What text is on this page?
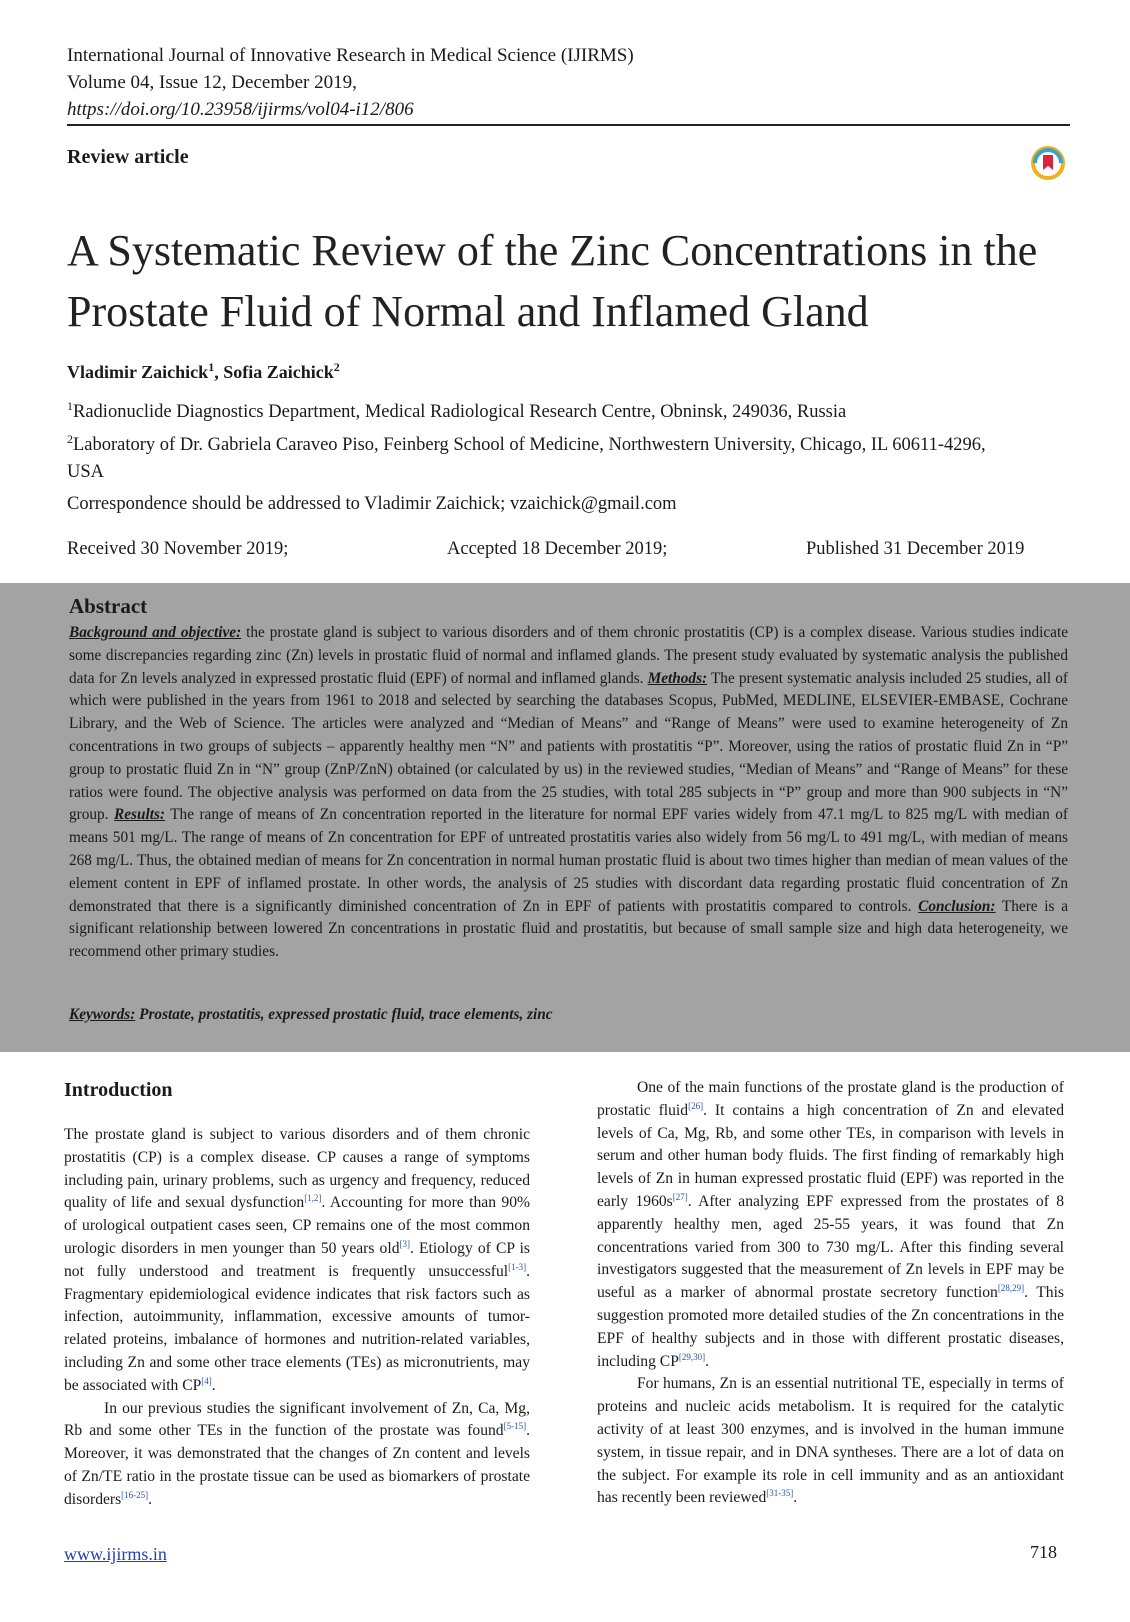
International Journal of Innovative Research in Medical Science (IJIRMS)
Volume 04, Issue 12, December 2019,
https://doi.org/10.23958/ijirms/vol04-i12/806
Review article
A Systematic Review of the Zinc Concentrations in the Prostate Fluid of Normal and Inflamed Gland
Vladimir Zaichick$^1$, Sofia Zaichick$^2$
$^1$Radionuclide Diagnostics Department, Medical Radiological Research Centre, Obninsk, 249036, Russia
$^2$Laboratory of Dr. Gabriela Caraveo Piso, Feinberg School of Medicine, Northwestern University, Chicago, IL 60611-4296, USA
Correspondence should be addressed to Vladimir Zaichick; vzaichick@gmail.com
Received 30 November 2019;	Accepted 18 December 2019;	Published 31 December 2019
Abstract
Background and objective: the prostate gland is subject to various disorders and of them chronic prostatitis (CP) is a complex disease. Various studies indicate some discrepancies regarding zinc (Zn) levels in prostatic fluid of normal and inflamed glands. The present study evaluated by systematic analysis the published data for Zn levels analyzed in expressed prostatic fluid (EPF) of normal and inflamed glands. Methods: The present systematic analysis included 25 studies, all of which were published in the years from 1961 to 2018 and selected by searching the databases Scopus, PubMed, MEDLINE, ELSEVIER-EMBASE, Cochrane Library, and the Web of Science. The articles were analyzed and “Median of Means” and “Range of Means” were used to examine heterogeneity of Zn concentrations in two groups of subjects – apparently healthy men “N” and patients with prostatitis “P”. Moreover, using the ratios of prostatic fluid Zn in “P” group to prostatic fluid Zn in “N” group (ZnP/ZnN) obtained (or calculated by us) in the reviewed studies, “Median of Means” and “Range of Means” for these ratios were found. The objective analysis was performed on data from the 25 studies, with total 285 subjects in “P” group and more than 900 subjects in “N” group. Results: The range of means of Zn concentration reported in the literature for normal EPF varies widely from 47.1 mg/L to 825 mg/L with median of means 501 mg/L. The range of means of Zn concentration for EPF of untreated prostatitis varies also widely from 56 mg/L to 491 mg/L, with median of means 268 mg/L. Thus, the obtained median of means for Zn concentration in normal human prostatic fluid is about two times higher than median of mean values of the element content in EPF of inflamed prostate. In other words, the analysis of 25 studies with discordant data regarding prostatic fluid concentration of Zn demonstrated that there is a significantly diminished concentration of Zn in EPF of patients with prostatitis compared to controls. Conclusion: There is a significant relationship between lowered Zn concentrations in prostatic fluid and prostatitis, but because of small sample size and high data heterogeneity, we recommend other primary studies.
Keywords: Prostate, prostatitis, expressed prostatic fluid, trace elements, zinc
Introduction

The prostate gland is subject to various disorders and of them chronic prostatitis (CP) is a complex disease. CP causes a range of symptoms including pain, urinary problems, such as urgency and frequency, reduced quality of life and sexual dysfunction[1,2]. Accounting for more than 90% of urological outpatient cases seen, CP remains one of the most common urologic disorders in men younger than 50 years old[3]. Etiology of CP is not fully understood and treatment is frequently unsuccessful[1-3]. Fragmentary epidemiological evidence indicates that risk factors such as infection, autoimmunity, inflammation, excessive amounts of tumor-related proteins, imbalance of hormones and nutrition-related variables, including Zn and some other trace elements (TEs) as micronutrients, may be associated with CP[4].

In our previous studies the significant involvement of Zn, Ca, Mg, Rb and some other TEs in the function of the prostate was found[5-15]. Moreover, it was demonstrated that the changes of Zn content and levels of Zn/TE ratio in the prostate tissue can be used as biomarkers of prostate disorders[16-25].

One of the main functions of the prostate gland is the production of prostatic fluid[26]. It contains a high concentration of Zn and elevated levels of Ca, Mg, Rb, and some other TEs, in comparison with levels in serum and other human body fluids. The first finding of remarkably high levels of Zn in human expressed prostatic fluid (EPF) was reported in the early 1960s[27]. After analyzing EPF expressed from the prostates of 8 apparently healthy men, aged 25-55 years, it was found that Zn concentrations varied from 300 to 730 mg/L. After this finding several investigators suggested that the measurement of Zn levels in EPF may be useful as a marker of abnormal prostate secretory function[28,29]. This suggestion promoted more detailed studies of the Zn concentrations in the EPF of healthy subjects and in those with different prostatic diseases, including CP[29,30].

For humans, Zn is an essential nutritional TE, especially in terms of proteins and nucleic acids metabolism. It is required for the catalytic activity of at least 300 enzymes, and is involved in the human immune system, in tissue repair, and in DNA syntheses. There are a lot of data on the subject. For example its role in cell immunity and as an antioxidant has recently been reviewed[31-35].

www.ijirms.in	718
